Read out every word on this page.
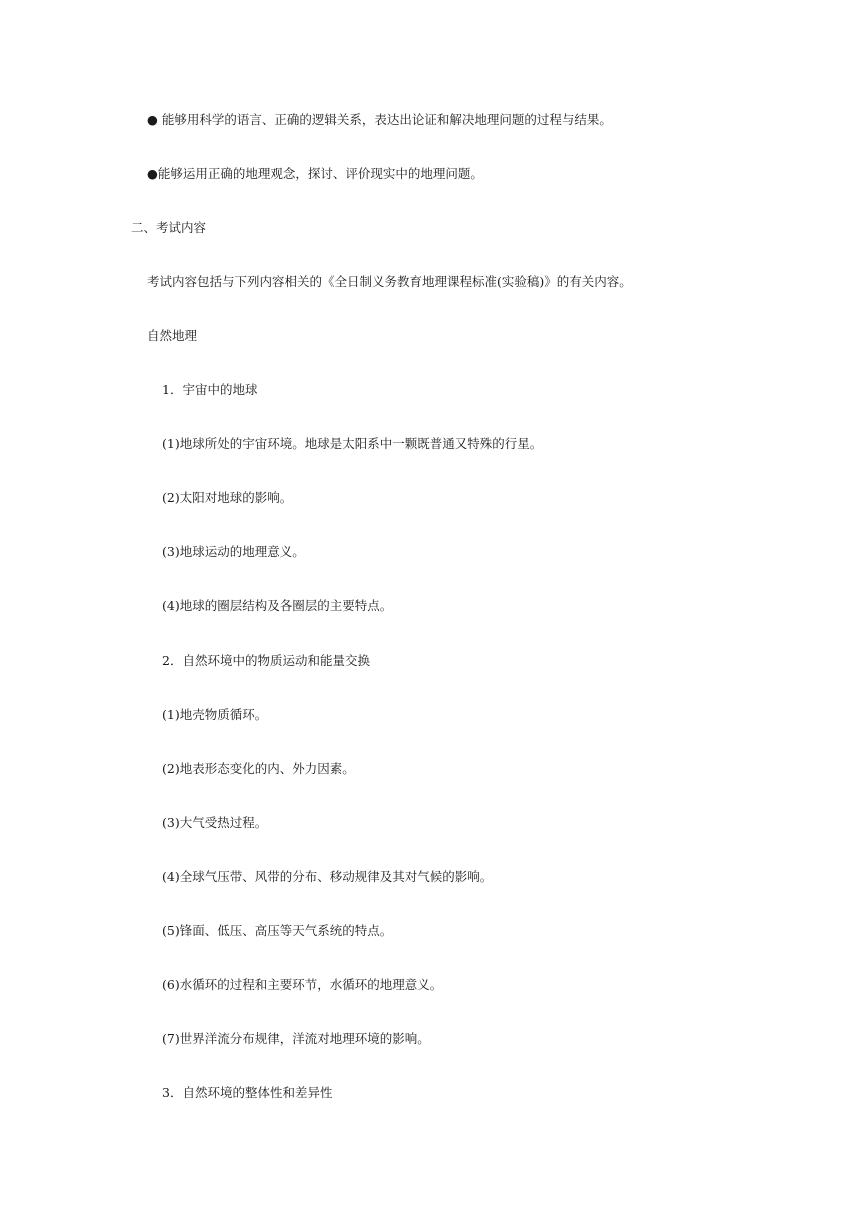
● 能够用科学的语言、正确的逻辑关系，表达出论证和解决地理问题的过程与结果。
●能够运用正确的地理观念，探讨、评价现实中的地理问题。
二、考试内容
考试内容包括与下列内容相关的《全日制义务教育地理课程标准(实验稿)》的有关内容。
自然地理
1．宇宙中的地球
(1)地球所处的宇宙环境。地球是太阳系中一颗既普通又特殊的行星。
(2)太阳对地球的影响。
(3)地球运动的地理意义。
(4)地球的圈层结构及各圈层的主要特点。
2．自然环境中的物质运动和能量交换
(1)地壳物质循环。
(2)地表形态变化的内、外力因素。
(3)大气受热过程。
(4)全球气压带、风带的分布、移动规律及其对气候的影响。
(5)锋面、低压、高压等天气系统的特点。
(6)水循环的过程和主要环节，水循环的地理意义。
(7)世界洋流分布规律，洋流对地理环境的影响。
3．自然环境的整体性和差异性
